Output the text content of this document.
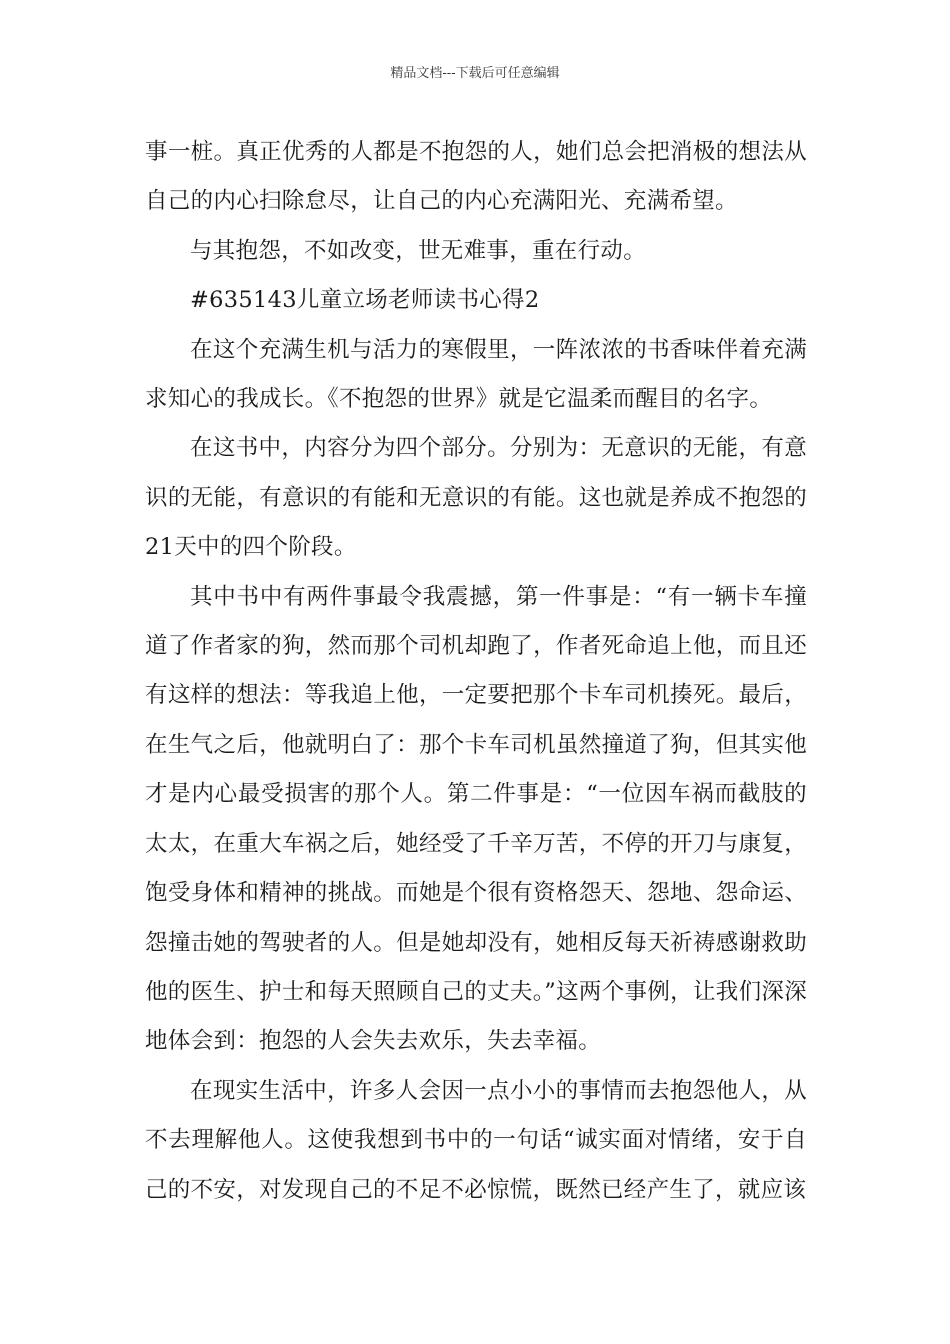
精品文档---下载后可任意编辑

事一桩。真正优秀的人都是不抱怨的人，她们总会把消极的想法从自己的内心扫除怠尽，让自己的内心充满阳光、充满希望。

与其抱怨，不如改变，世无难事，重在行动。

#635143儿童立场老师读书心得2

在这个充满生机与活力的寒假里，一阵浓浓的书香味伴着充满求知心的我成长。《不抱怨的世界》就是它温柔而醒目的名字。

在这书中，内容分为四个部分。分别为：无意识的无能，有意识的无能，有意识的有能和无意识的有能。这也就是养成不抱怨的21天中的四个阶段。

其中书中有两件事最令我震撼，第一件事是：“有一辆卡车撞道了作者家的狗，然而那个司机却跑了，作者死命追上他，而且还有这样的想法：等我追上他，一定要把那个卡车司机揍死。最后，在生气之后，他就明白了：那个卡车司机虽然撞道了狗，但其实他才是内心最受损害的那个人。第二件事是：“一位因车祸而截肢的太太，在重大车祸之后，她经受了千辛万苦，不停的开刀与康复，饱受身体和精神的挑战。而她是个很有资格怨天、怨地、怨命运、怨撞击她的驾驶者的人。但是她却没有，她相反每天祈祷感谢救助他的医生、护士和每天照顾自己的丈夫。”这两个事例，让我们深深地体会到：抱怨的人会失去欢乐，失去幸福。

在现实生活中，许多人会因一点小小的事情而去抱怨他人，从不去理解他人。这使我想到书中的一句话“诚实面对情绪，安于自己的不安，对发现自己的不足不必惊慌，既然已经产生了，就应该
